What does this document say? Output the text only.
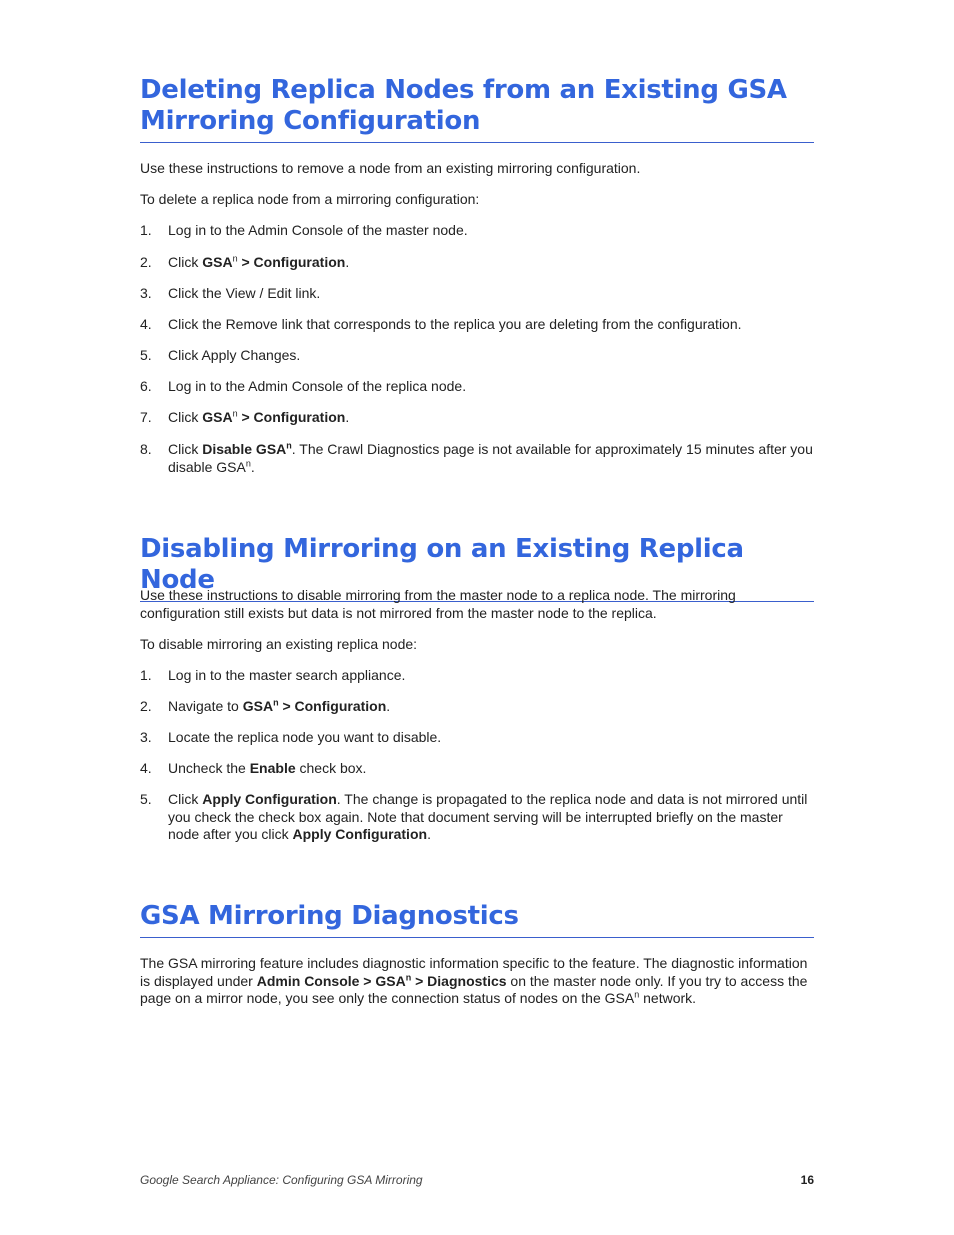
Deleting Replica Nodes from an Existing GSA
Mirroring Configuration

Use these instructions to remove a node from an existing mirroring configuration.

To delete a replica node from a mirroring configuration:

1.	Log in to the Admin Console of the master node.
2.	Click $GSA^n$ > Configuration.
3.	Click the View / Edit link.
4.	Click the Remove link that corresponds to the replica you are deleting from the configuration.
5.	Click Apply Changes.
6.	Log in to the Admin Console of the replica node.
7.	Click $GSA^n$ > Configuration.
8.	Click Disable GSA$^n$. The Crawl Diagnostics page is not available for approximately 15 minutes after you disable GSA$^n$.
Disabling Mirroring on an Existing Replica Node

Use these instructions to disable mirroring from the master node to a replica node. The mirroring configuration still exists but data is not mirrored from the master node to the replica.

To disable mirroring an existing replica node:

1.	Log in to the master search appliance.
2.	Navigate to $GSA^n$ > Configuration.
3.	Locate the replica node you want to disable.
4.	Uncheck the Enable check box.
5.	Click Apply Configuration. The change is propagated to the replica node and data is not mirrored until you check the check box again. Note that document serving will be interrupted briefly on the master node after you click Apply Configuration.
GSA Mirroring Diagnostics

The GSA mirroring feature includes diagnostic information specific to the feature. The diagnostic information is displayed under Admin Console > $GSA^n$ > Diagnostics on the master node only. If you try to access the page on a mirror node, you see only the connection status of nodes on the GSA$^n$ network.

Google Search Appliance: Configuring GSA Mirroring	16
